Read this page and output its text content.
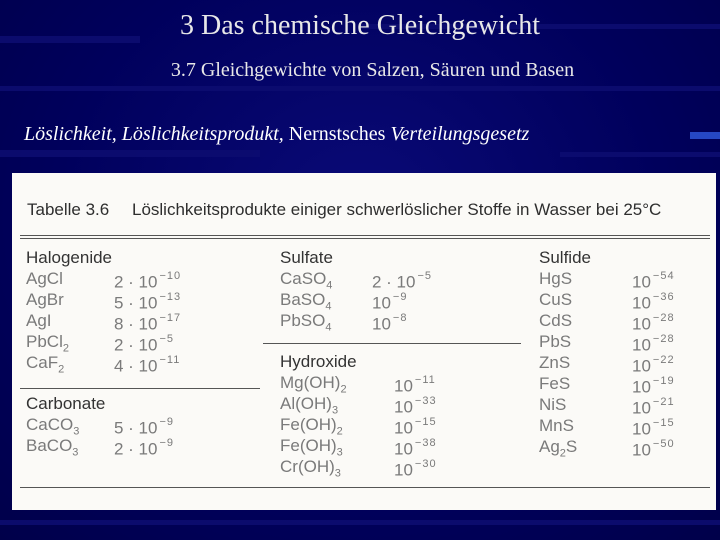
3 Das chemische Gleichgewicht
3.7 Gleichgewichte von Salzen, Säuren und Basen
Löslichkeit, Löslichkeitsprodukt, Nernstsches Verteilungsgesetz
Tabelle 3.6 Löslichkeitsprodukte einiger schwerlöslicher Stoffe in Wasser bei 25°C
Halogenide
AgCl	2 · 10 $^{-10}$
AgBr	5 · 10 $^{-13}$
AgI	8 · 10 $^{-17}$
PbCl$_2$	2 · 10 $^{-5}$
CaF$_2$	4 · 10 $^{-11}$
Carbonate
CaCO$_3$ 5 · 10 $^{-9}$
BaCO$_3$ 2 · 10 $^{-9}$
Sulfate
CaSO$_4$ 2 · 10 $^{-5}$
BaSO$_4$ 10 $^{-9}$
PbSO$_4$ 10 $^{-8}$
Hydroxide
$Mg(OH)_2$	10 $^{-11}$
$Al(OH)_3$	10 $^{-33}$
$Fe(OH)_2$	10 $^{-15}$
$Fe(OH)_3$	10 $^{-38}$
$Cr(OH)_3$	10 $^{-30}$
Sulfide
HgS	10 $^{-54}$
CuS	10 $^{-36}$
CdS	10 $^{-28}$
PbS	10 $^{-28}$
ZnS	10 $^{-22}$
FeS	10 $^{-19}$
NiS	10 $^{-21}$
MnS	10 $^{-15}$
$Ag_2S$	10 $^{-50}$
